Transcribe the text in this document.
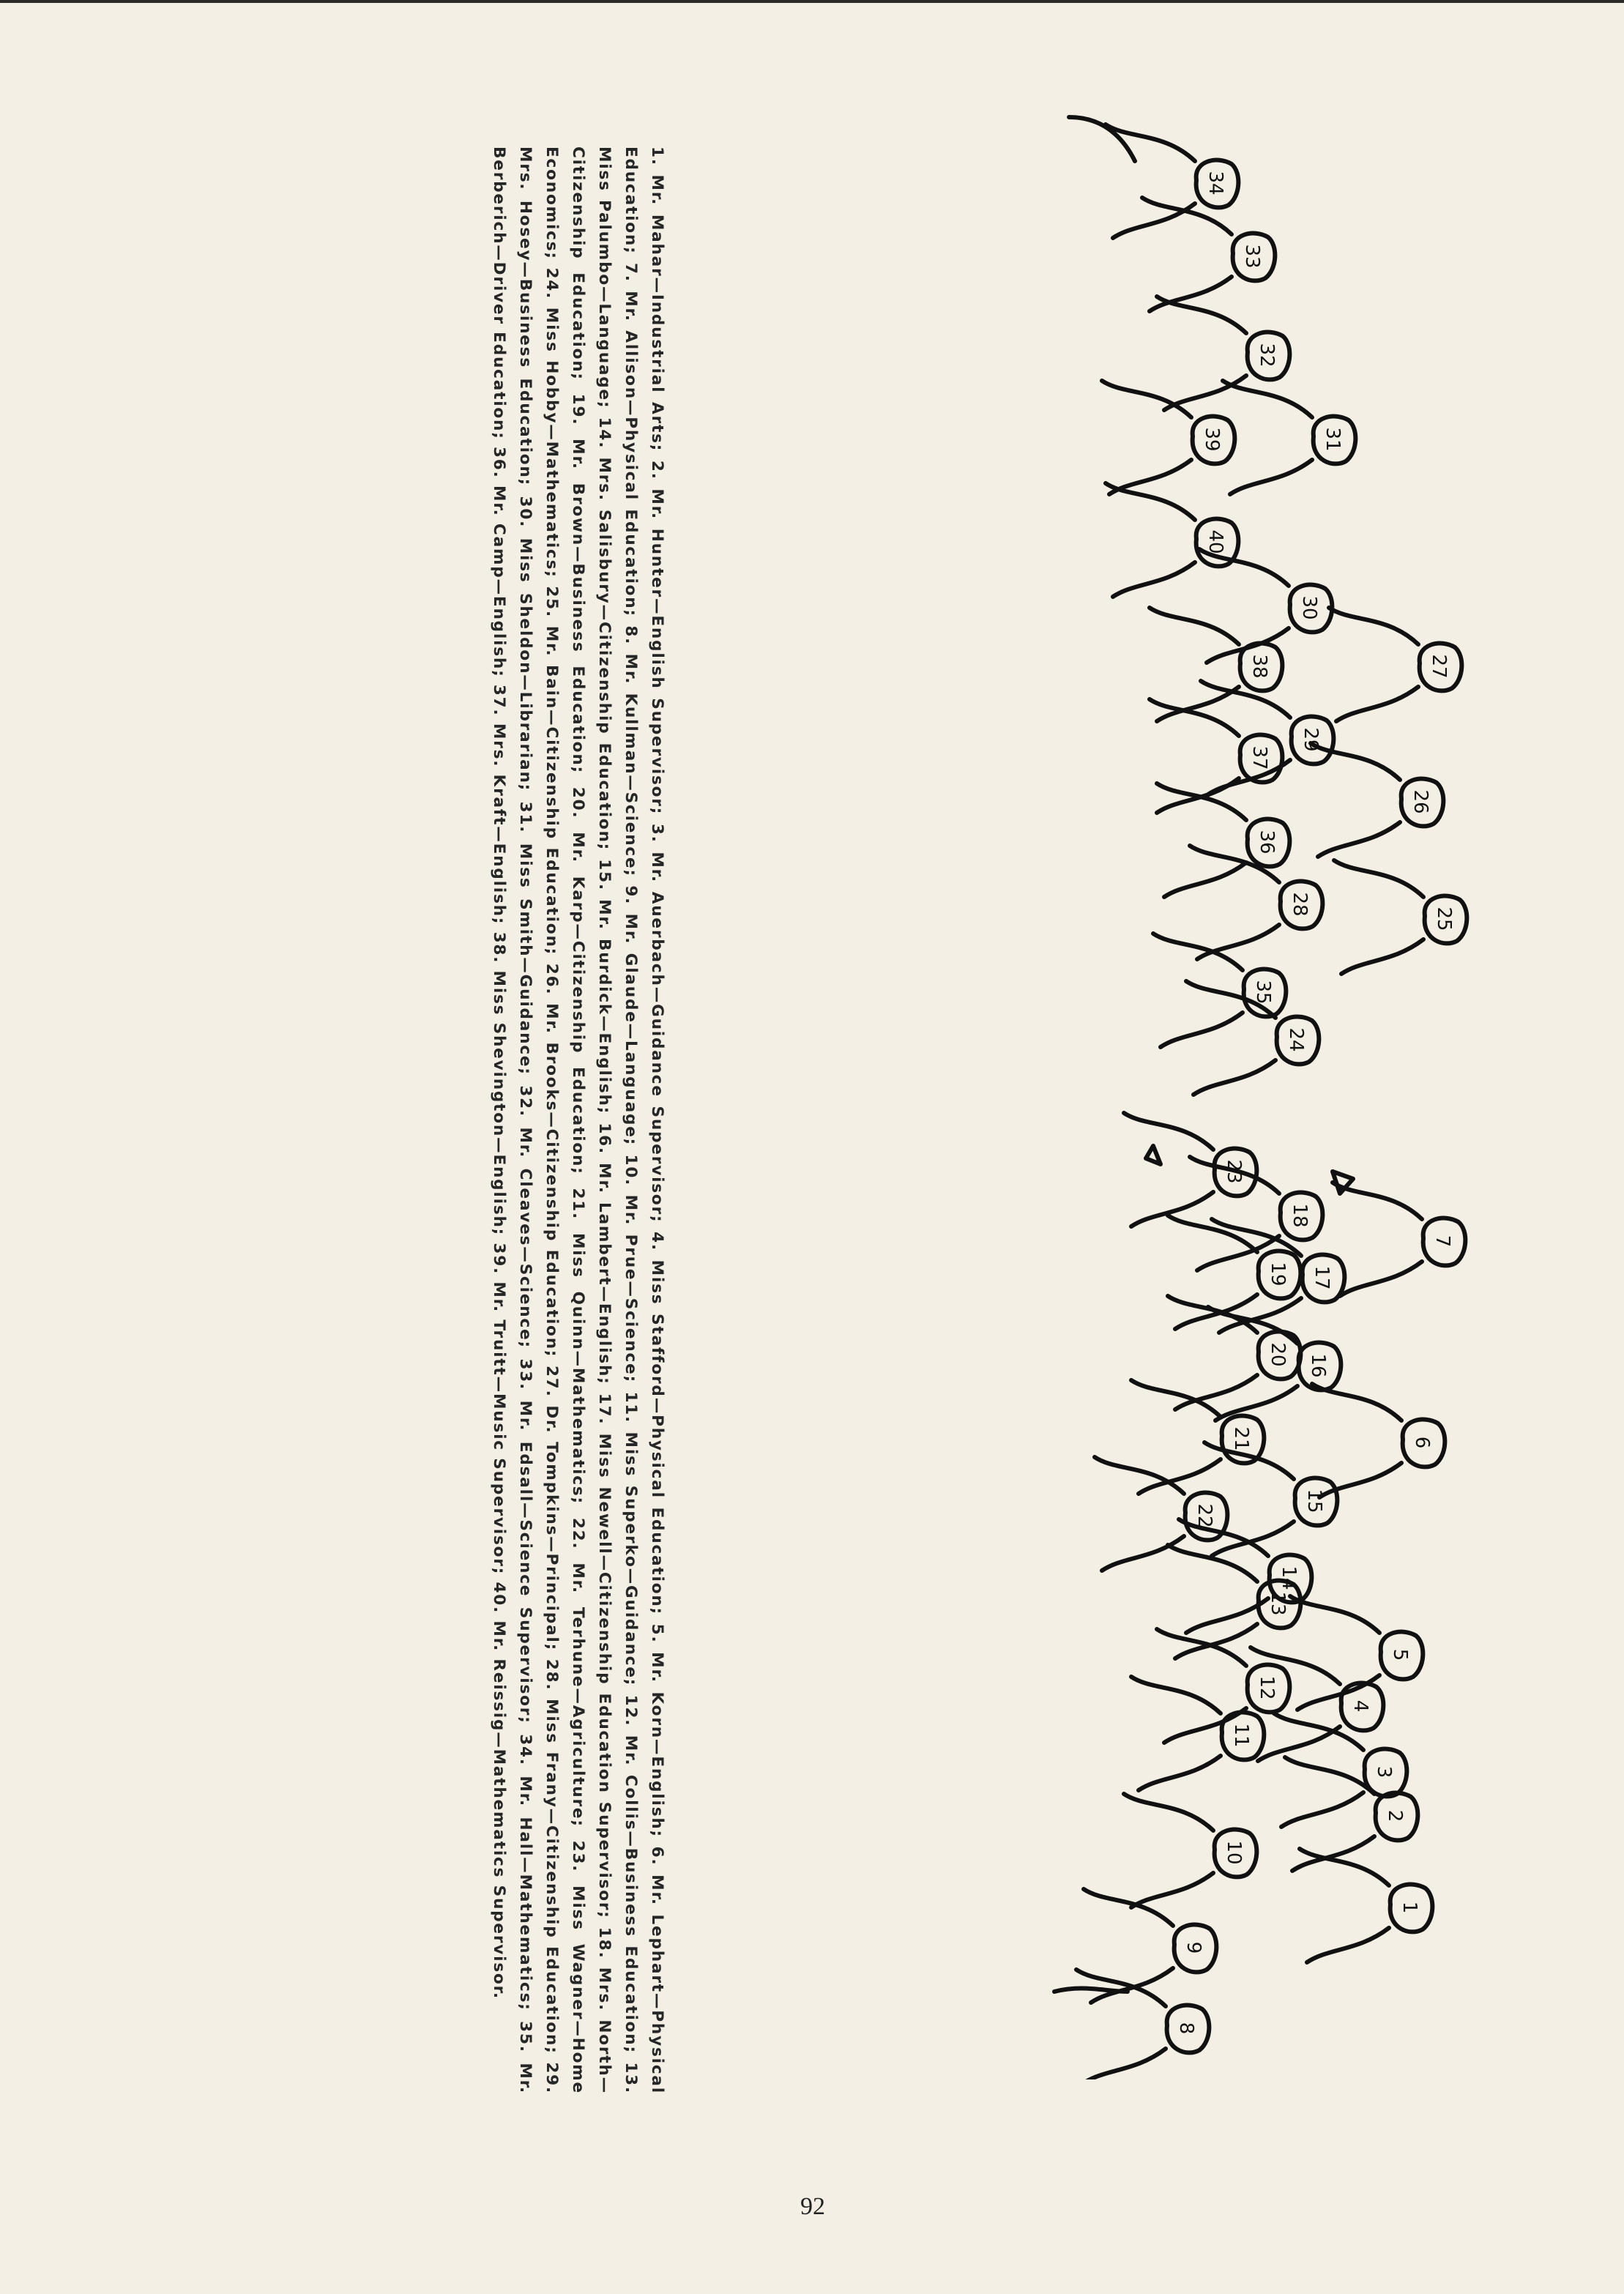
1. Mr. Mahar—Industrial Arts; 2. Mr. Hunter—English Supervisor; 3. Mr. Auerbach—Guidance Supervisor; 4. Miss Stafford—Physical Education; 5. Mr. Korn—English; 6. Mr. Lephart—Physical Education; 7. Mr. Allison—Physical Education; 8. Mr. Kullman—Science; 9. Mr. Glaude—Language; 10. Mr. Prue—Science; 11. Miss Superko—Guidance; 12. Mr. Collis—Business Education; 13. Miss Palumbo—Language; 14. Mrs. Salisbury—Citizenship Education; 15. Mr. Burdick—English; 16. Mr. Lambert—English; 17. Miss Newell—Citizenship Education Supervisor; 18. Mrs. North—Citizenship Education; 19. Mr. Brown—Business Education; 20. Mr. Karp—Citizenship Education; 21. Miss Quinn—Mathematics; 22. Mr. Terhune—Agriculture; 23. Miss Wagner—Home Economics; 24. Miss Hobby—Mathematics; 25. Mr. Bain—Citizenship Education; 26. Mr. Brooks—Citizenship Education; 27. Dr. Tompkins—Principal; 28. Miss Frany—Citizenship Education; 29. Mrs. Hosey—Business Education; 30. Miss Sheldon—Librarian; 31. Miss Smith—Guidance; 32. Mr. Cleaves—Science; 33. Mr. Edsall—Science Supervisor; 34. Mr. Hall—Mathematics; 35. Mr. Berberich—Driver Education; 36. Mr. Camp—English; 37. Mrs. Kraft—English; 38. Miss Shevington—English; 39. Mr. Truitt—Music Supervisor; 40. Mr. Reissig—Mathematics Supervisor.	1
2
3
4
5
6
7
8
9
10
11
12
13
14
15
16
17
18
19
20
21
22
23
24
25
26
27
28
29
30
31
32
33
34
35
36
37
38
39
40
92
